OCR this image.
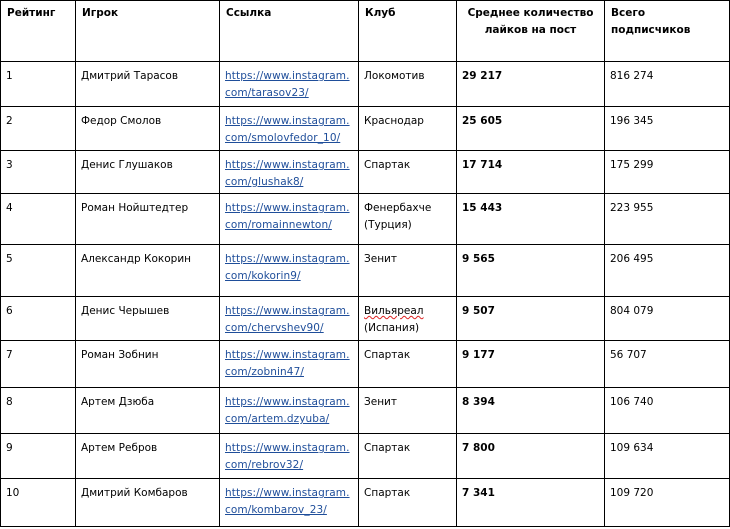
Рейтинг	Игрок	Ссылка	Клуб	Среднее количество лайков на пост	Всего подписчиков
1	Дмитрий Тарасов	https://www.instagram.com/tarasov23/	Локомотив	29 217	816 274
2	Федор Смолов	https://www.instagram.com/smolovfedor_10/	Краснодар	25 605	196 345
3	Денис Глушаков	https://www.instagram.com/glushak8/	Спартак	17 714	175 299
4	Роман Нойштедтер	https://www.instagram.com/romainnewton/	Фенербахче (Турция)	15 443	223 955
5	Александр Кокорин	https://www.instagram.com/kokorin9/	Зенит	9 565	206 495
6	Денис Черышев	https://www.instagram.com/chervshev90/	Вильяреал (Испания)	9 507	804 079
7	Роман Зобнин	https://www.instagram.com/zobnin47/	Спартак	9 177	56 707
8	Артем Дзюба	https://www.instagram.com/artem.dzyuba/	Зенит	8 394	106 740
9	Артем Ребров	https://www.instagram.com/rebrov32/	Спартак	7 800	109 634
10	Дмитрий Комбаров	https://www.instagram.com/kombarov_23/	Спартак	7 341	109 720
